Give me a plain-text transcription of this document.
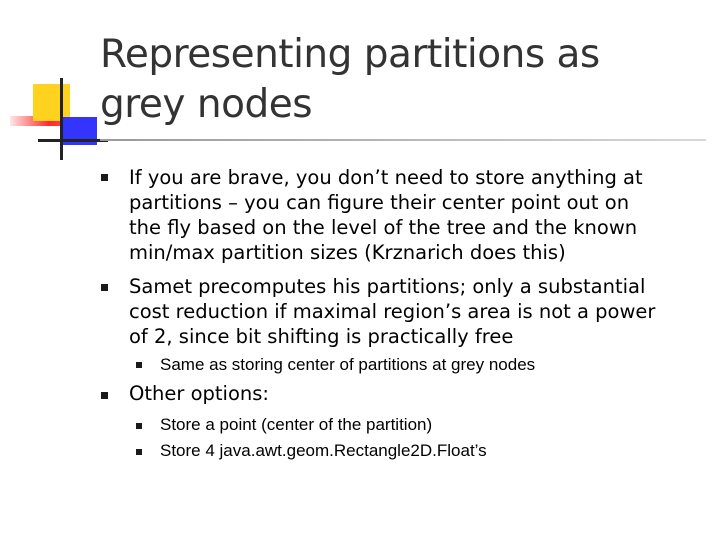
Representing partitions as
grey nodes
If you are brave, you don’t need to store anything at
partitions – you can figure their center point out on
the fly based on the level of the tree and the known
min/max partition sizes (Krznarich does this)
Samet precomputes his partitions; only a substantial
cost reduction if maximal region’s area is not a power
of 2, since bit shifting is practically free
Same as storing center of partitions at grey nodes
Other options:
Store a point (center of the partition)
Store 4 java.awt.geom.Rectangle2D.Float’s
